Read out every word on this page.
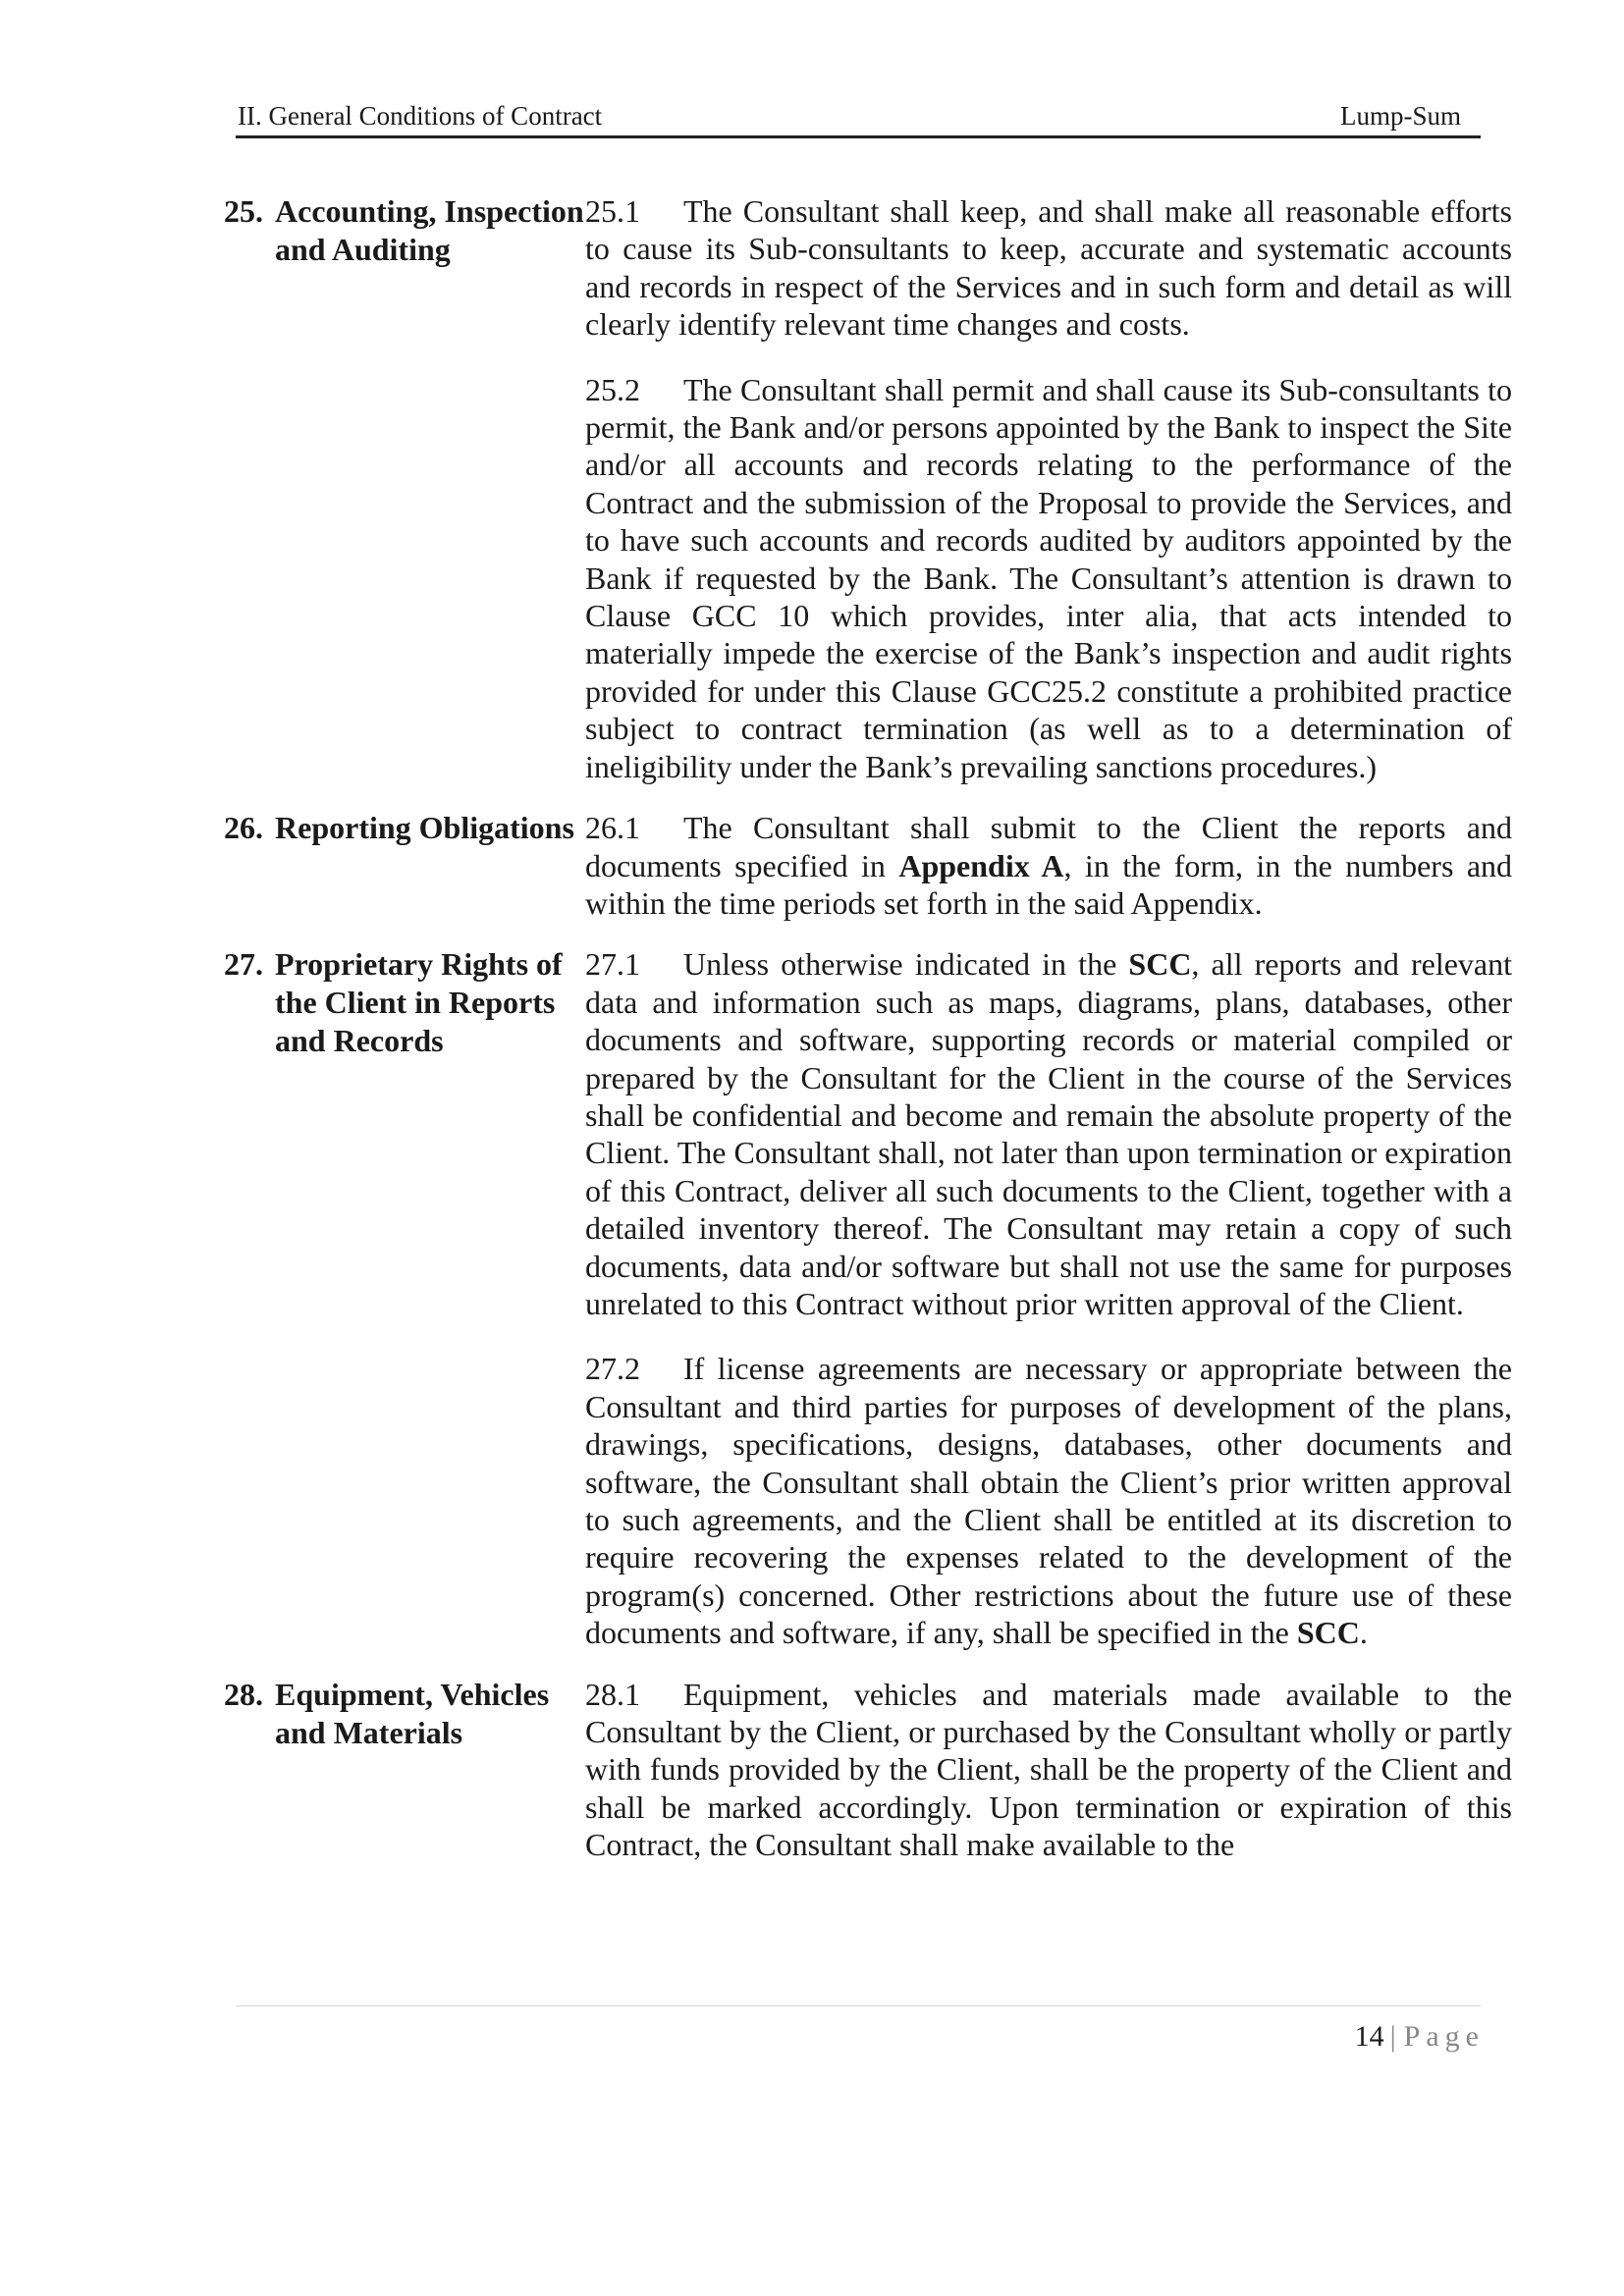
II. General Conditions of Contract	Lump-Sum
25. Accounting, Inspection and Auditing

25.1 The Consultant shall keep, and shall make all reasonable efforts to cause its Sub-consultants to keep, accurate and systematic accounts and records in respect of the Services and in such form and detail as will clearly identify relevant time changes and costs.

25.2 The Consultant shall permit and shall cause its Sub-consultants to permit, the Bank and/or persons appointed by the Bank to inspect the Site and/or all accounts and records relating to the performance of the Contract and the submission of the Proposal to provide the Services, and to have such accounts and records audited by auditors appointed by the Bank if requested by the Bank. The Consultant’s attention is drawn to Clause GCC 10 which provides, inter alia, that acts intended to materially impede the exercise of the Bank’s inspection and audit rights provided for under this Clause GCC25.2 constitute a prohibited practice subject to contract termination (as well as to a determination of ineligibility under the Bank’s prevailing sanctions procedures.)

26. Reporting Obligations 26.1 The Consultant shall submit to the Client the reports and documents specified in Appendix A, in the form, in the numbers and within the time periods set forth in the said Appendix.

27. Proprietary Rights of the Client in Reports and Records

27.1 Unless otherwise indicated in the SCC, all reports and relevant data and information such as maps, diagrams, plans, databases, other documents and software, supporting records or material compiled or prepared by the Consultant for the Client in the course of the Services shall be confidential and become and remain the absolute property of the Client. The Consultant shall, not later than upon termination or expiration of this Contract, deliver all such documents to the Client, together with a detailed inventory thereof. The Consultant may retain a copy of such documents, data and/or software but shall not use the same for purposes unrelated to this Contract without prior written approval of the Client.

27.2 If license agreements are necessary or appropriate between the Consultant and third parties for purposes of development of the plans, drawings, specifications, designs, databases, other documents and software, the Consultant shall obtain the Client’s prior written approval to such agreements, and the Client shall be entitled at its discretion to require recovering the expenses related to the development of the program(s) concerned. Other restrictions about the future use of these documents and software, if any, shall be specified in the SCC.

28. Equipment, Vehicles and Materials

28.1 Equipment, vehicles and materials made available to the Consultant by the Client, or purchased by the Consultant wholly or partly with funds provided by the Client, shall be the property of the Client and shall be marked accordingly. Upon termination or expiration of this Contract, the Consultant shall make available to the

14 | Page
